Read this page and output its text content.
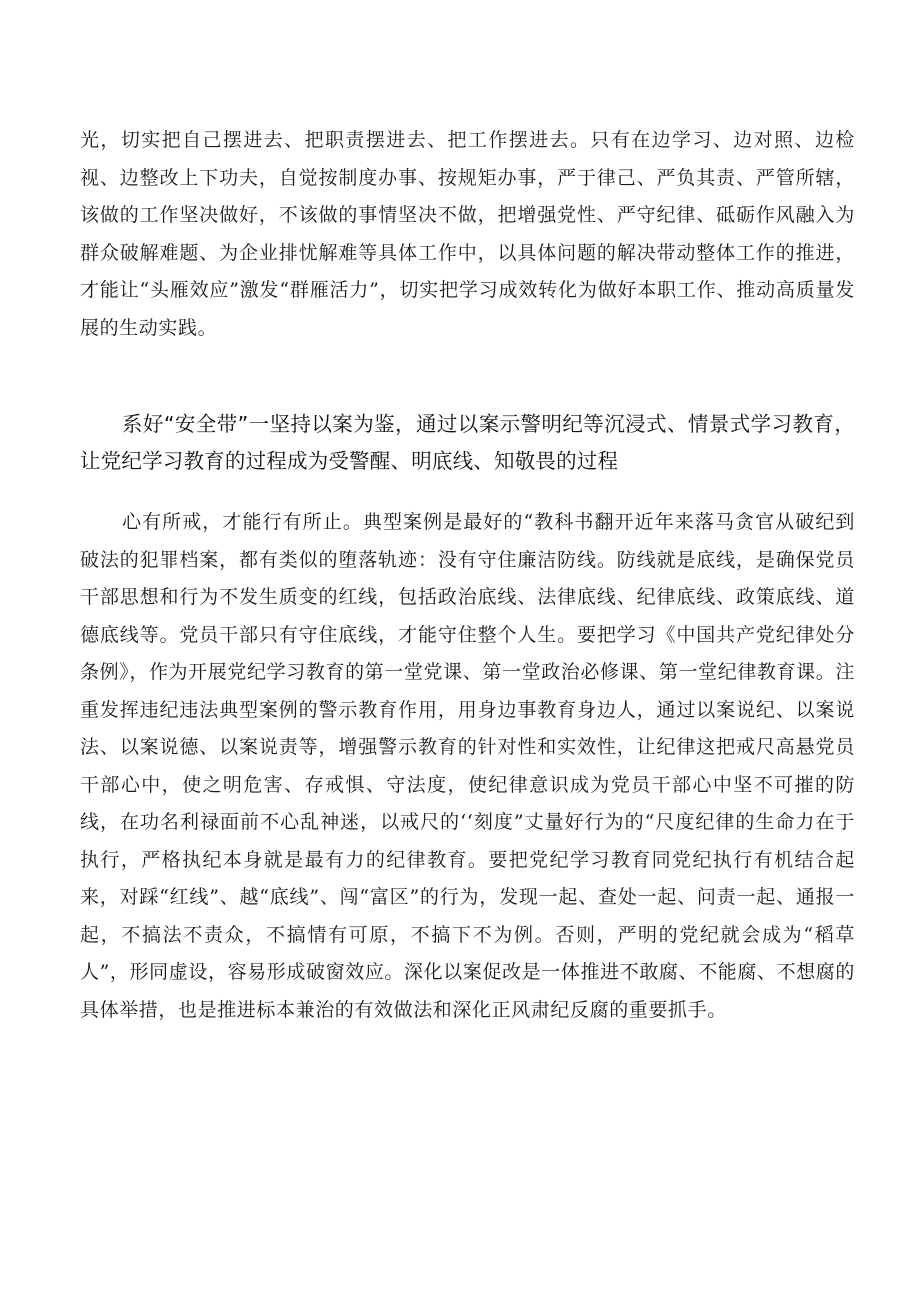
光，切实把自己摆进去、把职责摆进去、把工作摆进去。只有在边学习、边对照、边检视、边整改上下功夫，自觉按制度办事、按规矩办事，严于律己、严负其责、严管所辖，该做的工作坚决做好，不该做的事情坚决不做，把增强党性、严守纪律、砥砺作风融入为群众破解难题、为企业排忧解难等具体工作中，以具体问题的解决带动整体工作的推进，才能让“头雁效应”激发“群雁活力”，切实把学习成效转化为做好本职工作、推动高质量发展的生动实践。

系好“安全带”一坚持以案为鉴，通过以案示警明纪等沉浸式、情景式学习教育，让党纪学习教育的过程成为受警醒、明底线、知敬畏的过程

心有所戒，才能行有所止。典型案例是最好的“教科书翻开近年来落马贪官从破纪到破法的犯罪档案，都有类似的堕落轨迹：没有守住廉洁防线。防线就是底线，是确保党员干部思想和行为不发生质变的红线，包括政治底线、法律底线、纪律底线、政策底线、道德底线等。党员干部只有守住底线，才能守住整个人生。要把学习《中国共产党纪律处分条例》，作为开展党纪学习教育的第一堂党课、第一堂政治必修课、第一堂纪律教育课。注重发挥违纪违法典型案例的警示教育作用，用身边事教育身边人，通过以案说纪、以案说法、以案说德、以案说责等，增强警示教育的针对性和实效性，让纪律这把戒尺高悬党员干部心中，使之明危害、存戒惧、守法度，使纪律意识成为党员干部心中坚不可摧的防线，在功名利禄面前不心乱神迷，以戒尺的‘‘刻度”丈量好行为的“尺度纪律的生命力在于执行，严格执纪本身就是最有力的纪律教育。要把党纪学习教育同党纪执行有机结合起来，对踩“红线”、越“底线”、闯“富区”的行为，发现一起、查处一起、问责一起、通报一起，不搞法不责众，不搞情有可原，不搞下不为例。否则，严明的党纪就会成为“稻草人”，形同虚设，容易形成破窗效应。深化以案促改是一体推进不敢腐、不能腐、不想腐的具体举措，也是推进标本兼治的有效做法和深化正风肃纪反腐的重要抓手。
